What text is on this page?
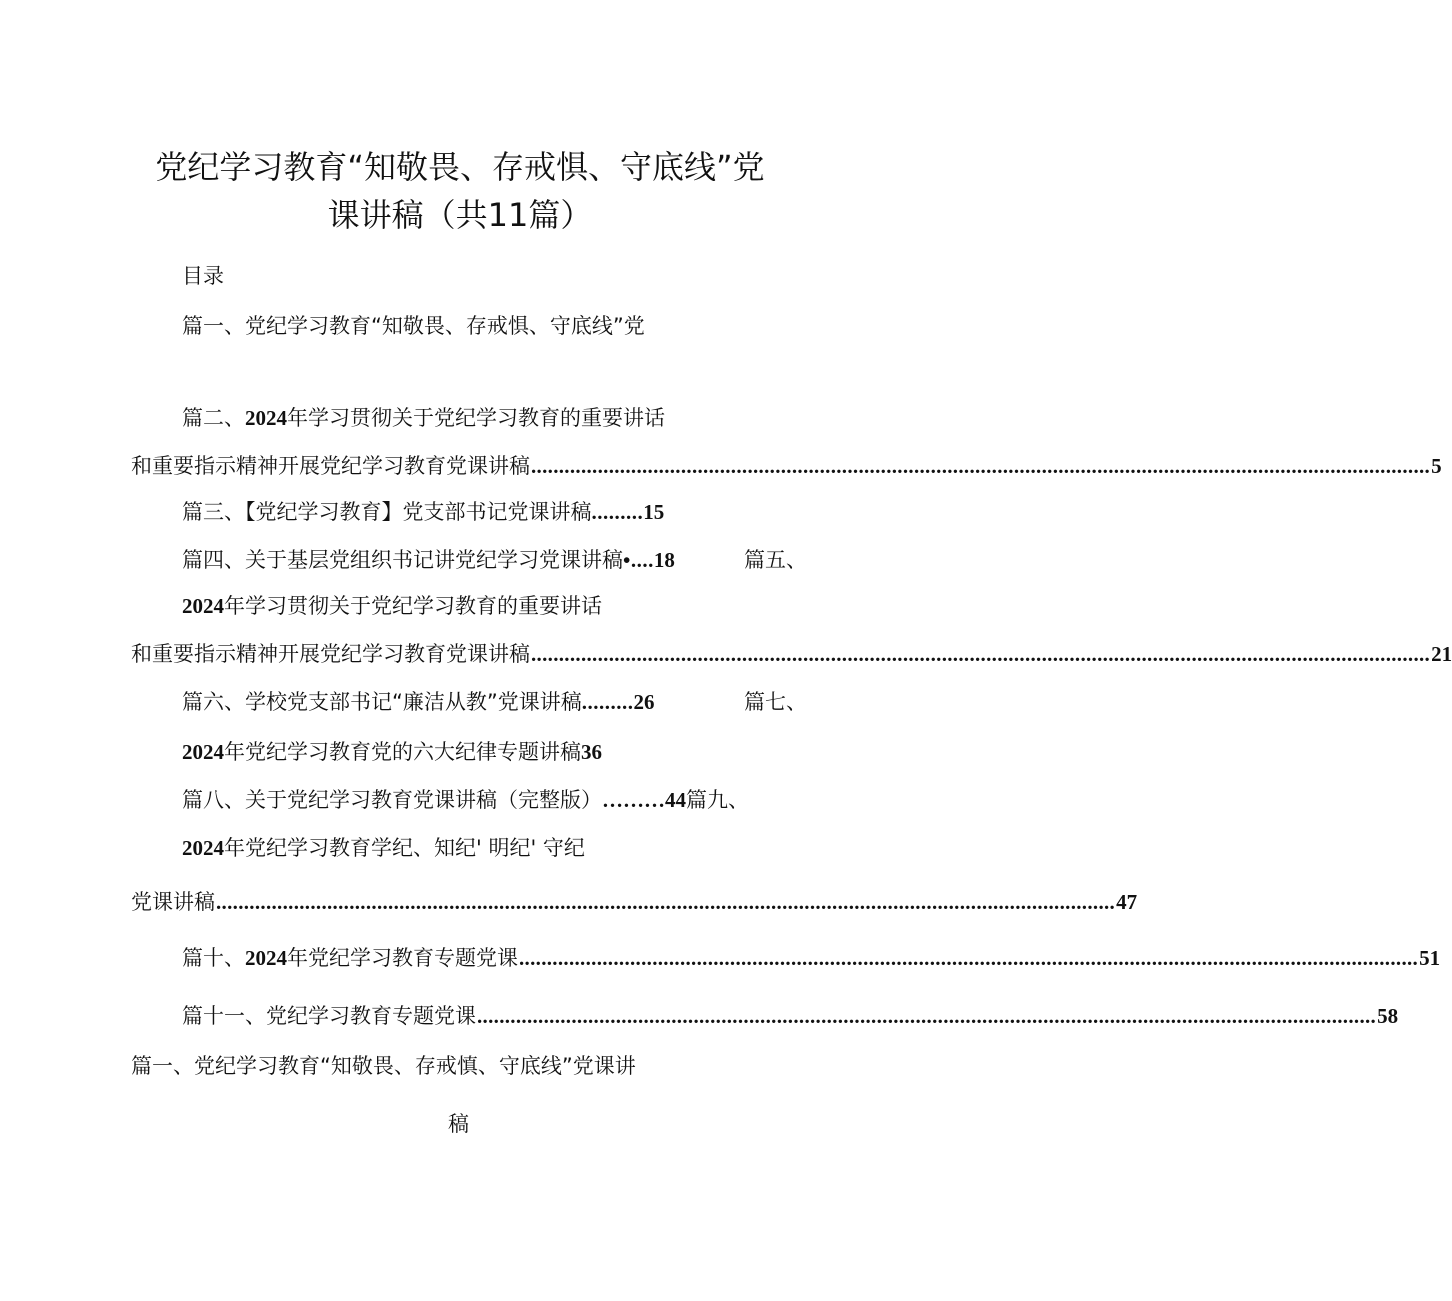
党纪学习教育“知敬畏、存戒惧、守底线”党
课讲稿（共11篇）
目录
篇一、党纪学习教育“知敬畏、存戒惧、守底线”党
篇二、2024年学习贯彻关于党纪学习教育的重要讲话
和重要指示精神开展党纪学习教育党课讲稿 .................................................................................................................................................................. 5
篇三、【党纪学习教育】党支部书记党课讲稿.........15
篇四、关于基层党组织书记讲党纪学习党课讲稿•....18	篇五、
2024年学习贯彻关于党纪学习教育的重要讲话
和重要指示精神开展党纪学习教育党课讲稿 .................................................................................................................................................................. 21
篇六、学校党支部书记“廉洁从教”党课讲稿.........26	篇七、
2024年党纪学习教育党的六大纪律专题讲稿36
篇八、关于党纪学习教育党课讲稿（完整版）………44篇九、
2024年党纪学习教育学纪、知纪' 明纪' 守纪
党课讲稿 .................................................................................................................................................................. 47
篇十、2024年党纪学习教育专题党课 .................................................................................................................................................................. 51
篇十一、党纪学习教育专题党课 .................................................................................................................................................................. 58
篇一、党纪学习教育“知敬畏、存戒慎、守底线”党课讲
稿
